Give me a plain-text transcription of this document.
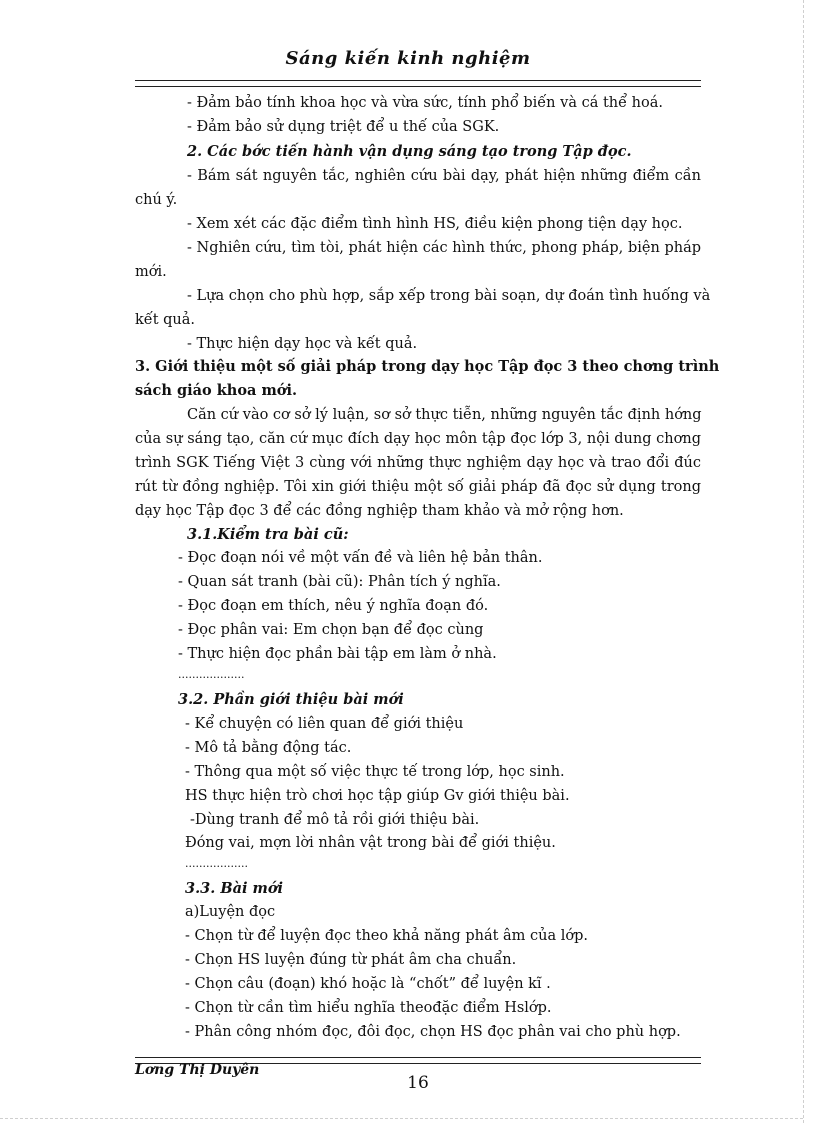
Sáng kiến kinh nghiệm
- Đảm bảo tính khoa học và vừa sức, tính phổ biến và cá thể hoá.
- Đảm bảo sử dụng triệt để u thế của SGK.
2. Các bớc tiến hành vận dụng sáng tạo trong Tập đọc.
- Bám sát nguyên tắc, nghiên cứu bài dạy, phát hiện những điểm cần
chú ý.
- Xem xét các đặc điểm tình hình HS, điều kiện phong tiện dạy học.
- Nghiên cứu, tìm tòi, phát hiện các hình thức, phong pháp, biện pháp
mới.
- Lựa chọn cho phù hợp, sắp xếp trong bài soạn, dự đoán tình huống và
kết quả.
- Thực hiện dạy học và kết quả.
3. Giới thiệu một số giải pháp trong dạy học Tập đọc 3 theo chơng trình
sách giáo khoa mới.
Căn cứ vào cơ sở lý luận, sơ sở thực tiễn, những nguyên tắc định hớng
của sự sáng tạo, căn cứ mục đích dạy học môn tập đọc lớp 3, nội dung chơng
trình SGK Tiếng Việt 3 cùng với những thực nghiệm dạy học và trao đổi đúc
rút từ đồng nghiệp. Tôi xin giới thiệu một số giải pháp đã đọc sử dụng trong
dạy học Tập đọc 3 để các đồng nghiệp tham khảo và mở rộng hơn.
3.1.Kiểm tra bài cũ:
- Đọc đoạn nói về một vấn đề và liên hệ bản thân.
- Quan sát tranh (bài cũ): Phân tích ý nghĩa.
- Đọc đoạn em thích, nêu ý nghĩa đoạn đó.
- Đọc phân vai: Em chọn bạn để đọc cùng
- Thực hiện đọc phần bài tập em làm ở nhà.
...................
3.2. Phần giới thiệu bài mới
- Kể chuyện có liên quan để giới thiệu
- Mô tả bằng động tác.
- Thông qua một số việc thực tế trong lớp, học sinh.
HS thực hiện trò chơi học tập giúp Gv giới thiệu bài.
-Dùng tranh để mô tả rồi giới thiệu bài.
Đóng vai, mợn lời nhân vật trong bài để giới thiệu.
..................
3.3. Bài mới
a)Luyện đọc
- Chọn từ để luyện đọc theo khả năng phát âm của lớp.
- Chọn HS luyện đúng từ phát âm cha chuẩn.
- Chọn câu (đoạn) khó hoặc là “chốt” để luyện kĩ .
- Chọn từ cần tìm hiểu nghĩa theođặc điểm Hslớp.
- Phân công nhóm đọc, đôi đọc, chọn HS đọc phân vai cho phù hợp.
Lơng Thị Duyên
16
